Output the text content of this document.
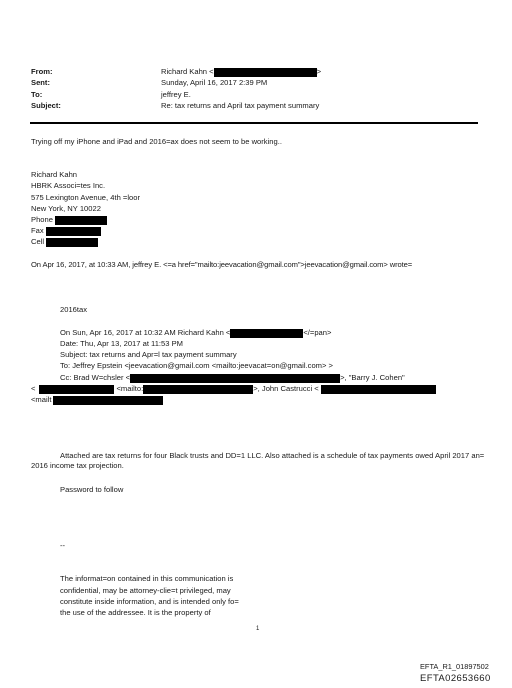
From:	Richard Kahn <	>
Sent:	Sunday, April 16, 2017 2:39 PM
To:	jeffrey E.
Subject:	Re: tax returns and April tax payment summary
Trying off my iPhone and iPad and 2016=ax does not seem to be working..
Richard Kahn
HBRK Associ=tes Inc.
575 Lexington Avenue, 4th =loor
New York, NY 10022
Phone
Fax
Cell
On Apr 16, 2017, at 10:33 AM, jeffrey E. <=a href="mailto:jeevacation@gmail.com">jeevacation@gmail.com> wrote=
2016tax
On Sun, Apr 16, 2017 at 10:32 AM Richard Kahn <	</=pan>
Date: Thu, Apr 13, 2017 at 11:53 PM
Subject: tax returns and Apr=l tax payment summary
To: Jeffrey Epstein <jeevacation@gmail.com <mailto:jeevacat=on@gmail.com> >
Cc: Brad W=chsler <	>, "Barry J. Cohen"
<	<mailto:	>, John Castrucci <
<mailt
Attached are tax returns for four Black trusts and DD=1 LLC. Also attached is a schedule of tax payments owed April 2017 an= 2016 income tax projection.
Password to follow
--
The informat=on contained in this communication is
confidential, may be attorney-clie=t privileged, may
constitute inside information, and is intended only fo=
the use of the addressee. It is the property of
1
EFTA_R1_01897502
EFTA02653660
